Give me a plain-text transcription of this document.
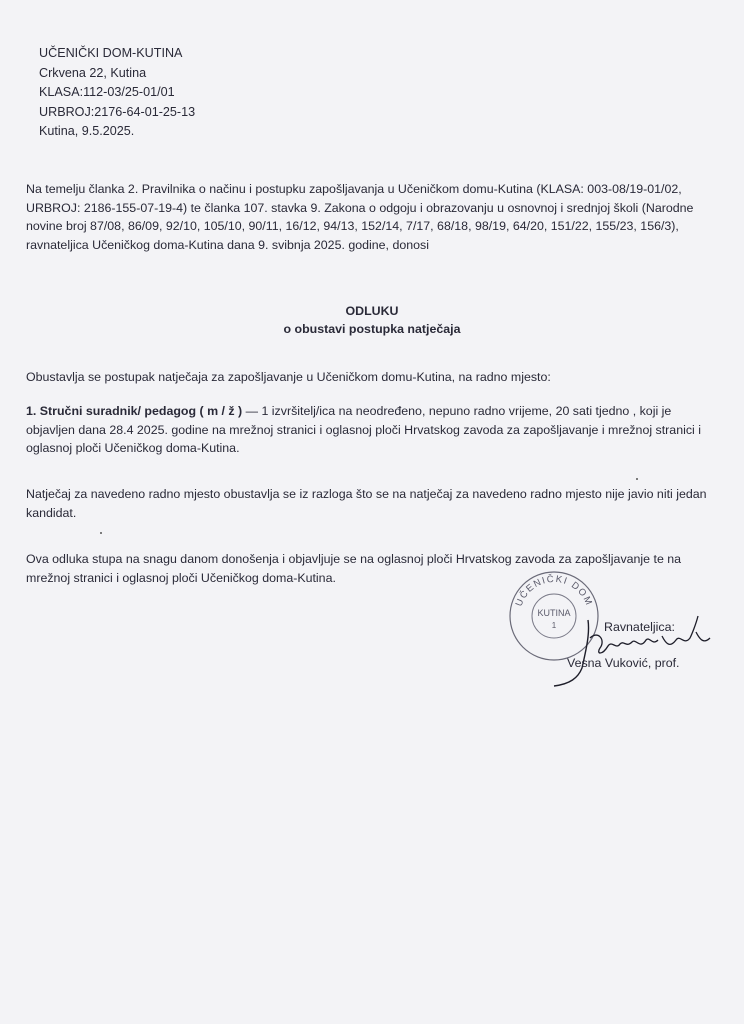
UČENIČKI DOM-KUTINA
Crkvena 22, Kutina
KLASA:112-03/25-01/01
URBROJ:2176-64-01-25-13
Kutina, 9.5.2025.
Na temelju članka 2. Pravilnika o načinu i postupku zapošljavanja u Učeničkom domu-Kutina (KLASA: 003-08/19-01/02, URBROJ: 2186-155-07-19-4) te članka 107. stavka 9. Zakona o odgoju i obrazovanju u osnovnoj i srednjoj školi (Narodne novine broj 87/08, 86/09, 92/10, 105/10, 90/11, 16/12, 94/13, 152/14, 7/17, 68/18, 98/19, 64/20, 151/22, 155/23, 156/3), ravnateljica Učeničkog doma-Kutina dana 9. svibnja 2025. godine, donosi
ODLUKU
o obustavi postupka natječaja
Obustavlja se postupak natječaja za zapošljavanje u Učeničkom domu-Kutina, na radno mjesto:
1. Stručni suradnik/ pedagog ( m / ž ) — 1 izvršitelj/ica na neodređeno, nepuno radno vrijeme, 20 sati tjedno , koji je objavljen dana 28.4 2025. godine na mrežnoj stranici i oglasnoj ploči Hrvatskog zavoda za zapošljavanje i mrežnoj stranici i oglasnoj ploči Učeničkog doma-Kutina.
Natječaj za navedeno radno mjesto obustavlja se iz razloga što se na natječaj za navedeno radno mjesto nije javio niti jedan kandidat.
Ova odluka stupa na snagu danom donošenja i objavljuje se na oglasnoj ploči Hrvatskog zavoda za zapošljavanje te na mrežnoj stranici i oglasnoj ploči Učeničkog doma-Kutina.
UČENIČKI DOM
KUTINA
1	Ravnateljica:
Vesna Vuković, prof.
